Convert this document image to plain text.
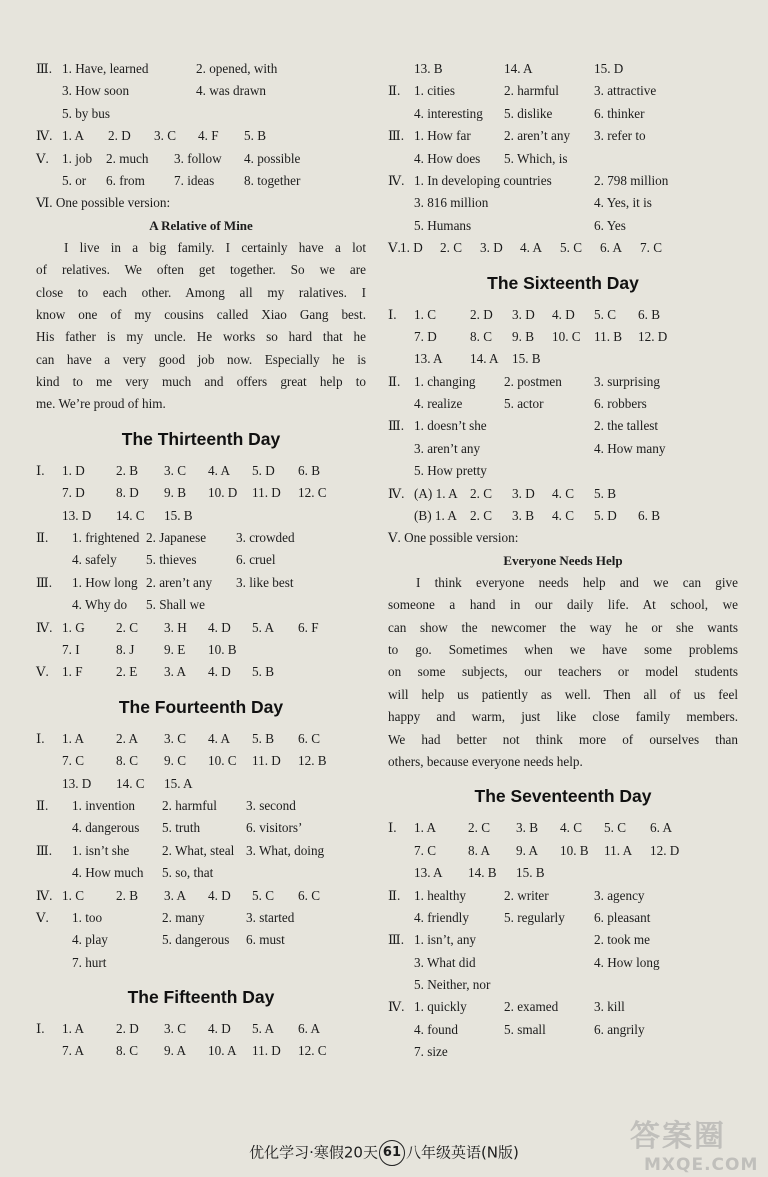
Ⅲ. 1. Have, learned	2. opened, with
3. How soon	4. was drawn
5. by bus
Ⅳ. 1. A 2. D 3. C 4. F 5. B
Ⅴ. 1. job 2. much 3. follow 4. possible
5. or 6. from 7. ideas 8. together
Ⅵ. One possible version:
A Relative of Mine
I live in a big family. I certainly have a lot
of relatives. We often get together. So we are
close to each other. Among all my ralatives. I
know one of my cousins called Xiao Gang best.
His father is my uncle. He works so hard that he
can have a very good job now. Especially he is
kind to me very much and offers great help to
me. We’re proud of him.
The Thirteenth Day
Ⅰ. 1. D 2. B 3. C 4. A 5. D 6. B
7. D 8. D 9. B 10. D 11. D 12. C
13. D 14. C 15. B
Ⅱ. 1. frightened 2. Japanese 3. crowded
4. safely 5. thieves	6. cruel
Ⅲ. 1. How long 2. aren’t any 3. like best
4. Why do 5. Shall we
Ⅳ. 1. G 2. C 3. H 4. D 5. A 6. F
7. I	8. J 9. E 10. B
Ⅴ. 1. F	2. E 3. A 4. D 5. B
The Fourteenth Day
Ⅰ. 1. A 2. A 3. C 4. A 5. B 6. C
7. C 8. C 9. C 10. C 11. D 12. B
13. D 14. C 15. A
Ⅱ. 1. invention 2. harmful 3. second
4. dangerous 5. truth	6. visitors’
Ⅲ. 1. isn’t she 2. What, steal 3. What, doing
4. How much 5. so, that
Ⅳ. 1. C 2. B 3. A 4. D 5. C 6. C
Ⅴ. 1. too	2. many	3. started
4. play	5. dangerous 6. must
7. hurt
The Fifteenth Day
Ⅰ. 1. A 2. D 3. C 4. D 5. A 6. A
7. A 8. C 9. A 10. A 11. D 12. C
13. B	14. A	15. D
Ⅱ. 1. cities	2. harmful	3. attractive
4. interesting 5. dislike	6. thinker
Ⅲ. 1. How far	2. aren’t any 3. refer to
4. How does 5. Which, is
Ⅳ. 1. In developing countries	2. 798 million
3. 816 million	4. Yes, it is
5. Humans	6. Yes
Ⅴ. 1. D 2. C 3. D 4. A 5. C 6. A 7. C
The Sixteenth Day
Ⅰ. 1. C	2. D 3. D 4. D 5. C 6. B
7. D	8. C 9. B 10. C 11. B 12. D
13. A 14. A 15. B
Ⅱ. 1. changing 2. postmen 3. surprising
4. realize	5. actor	6. robbers
Ⅲ. 1. doesn’t she	2. the tallest
3. aren’t any	4. How many
5. How pretty
Ⅳ. (A) 1. A 2. C 3. D 4. C 5. B
(B) 1. A 2. C 3. B 4. C 5. D 6. B
Ⅴ. One possible version:
Everyone Needs Help
I think everyone needs help and we can give
someone a hand in our daily life. At school, we
can show the newcomer the way he or she wants
to go. Sometimes when we have some problems
on some subjects, our teachers or model students
will help us patiently as well. Then all of us feel
happy and warm, just like close family members.
We had better not think more of ourselves than
others, because everyone needs help.
The Seventeenth Day
Ⅰ. 1. A 2. C 3. B 4. C 5. C 6. A
7. C 8. A 9. A 10. B 11. A 12. D
13. A 14. B 15. B
Ⅱ. 1. healthy	2. writer	3. agency
4. friendly	5. regularly 6. pleasant
Ⅲ. 1. isn’t, any	2. took me
3. What did	4. How long
5. Neither, nor
Ⅳ. 1. quickly	2. examed	3. kill
4. found	5. small	6. angrily
7. size
优化学习·寒假20天 61 八年级英语(N版)	答案圈
MXQE.COM
